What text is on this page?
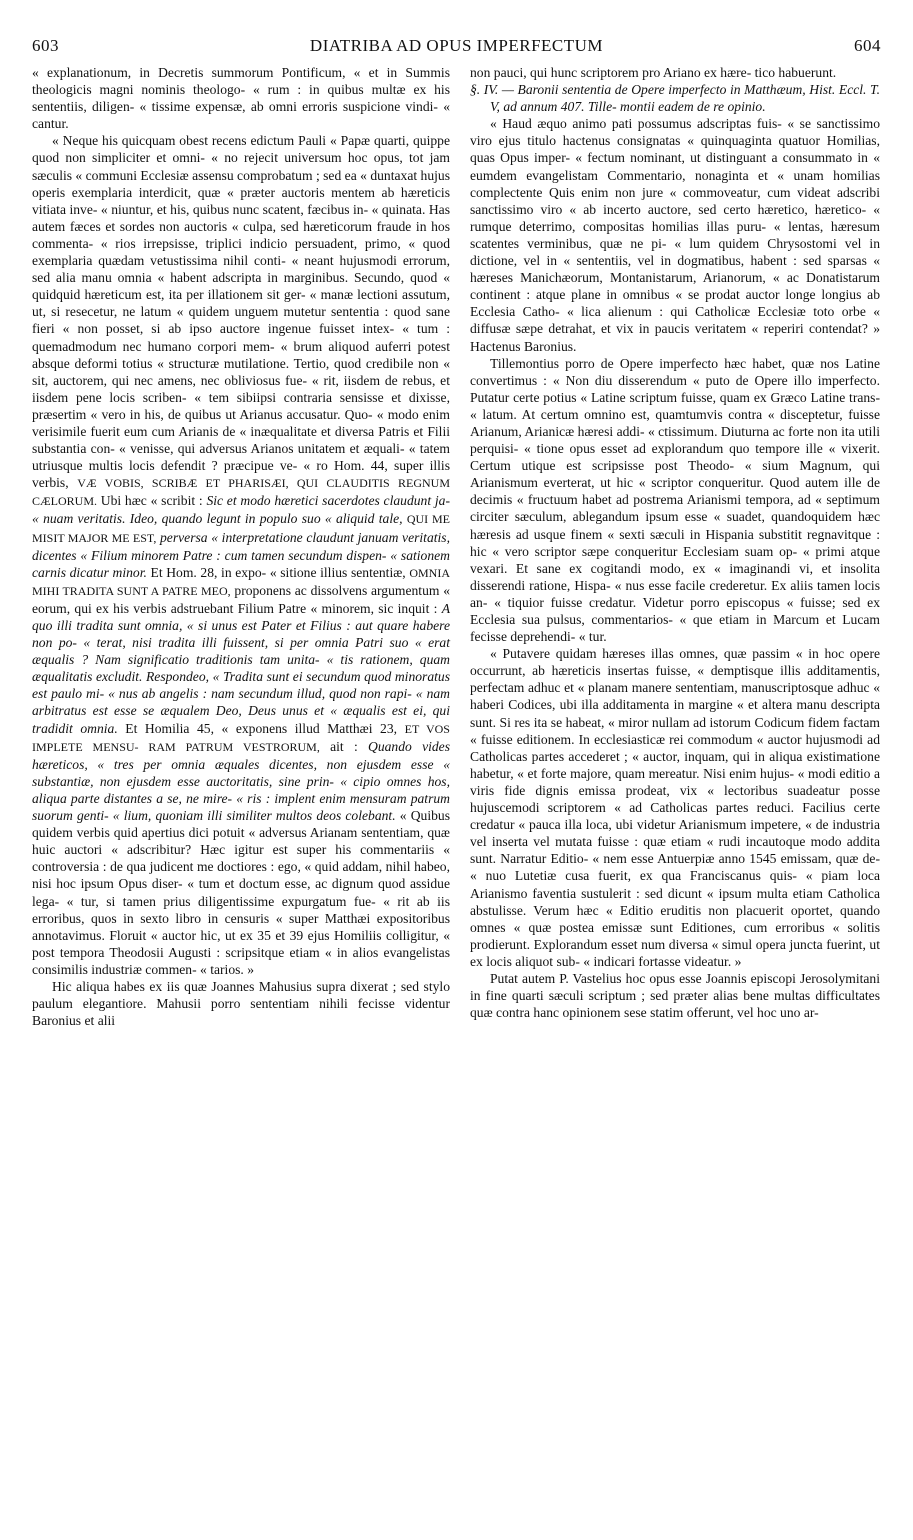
603	DIATRIBA AD OPUS IMPERFECTUM	604

« explanationum, in Decretis summorum Pontificum, « et in Summis theologicis magni nominis theologo- « rum : in quibus multæ ex his sententiis, diligen- « tissime expensæ, ab omni erroris suspicione vindi- « cantur.

« Neque his quicquam obest recens edictum Pauli « Papæ quarti, quippe quod non simpliciter et omni- « no rejecit universum hoc opus, tot jam sæculis « communi Ecclesiæ assensu comprobatum ; sed ea « duntaxat hujus operis exemplaria interdicit, quæ « præter auctoris mentem ab hæreticis vitiata inve- « niuntur, et his, quibus nunc scatent, fæcibus in- « quinata. Has autem fæces et sordes non auctoris « culpa, sed hæreticorum fraude in hos commenta- « rios irrepsisse, triplici indicio persuadent, primo, « quod exemplaria quædam vetustissima nihil conti- « neant hujusmodi errorum, sed alia manu omnia « habent adscripta in marginibus. Secundo, quod « quidquid hæreticum est, ita per illationem sit ger- « manæ lectioni assutum, ut, si resecetur, ne latum « quidem unguem mutetur sententia : quod sane fieri « non posset, si ab ipso auctore ingenue fuisset intex- « tum : quemadmodum nec humano corpori mem- « brum aliquod auferri potest absque deformi totius « structuræ mutilatione. Tertio, quod credibile non « sit, auctorem, qui nec amens, nec obliviosus fue- « rit, iisdem de rebus, et iisdem pene locis scriben- « tem sibiipsi contraria sensisse et dixisse, præsertim « vero in his, de quibus ut Arianus accusatur. Quo- « modo enim verisimile fuerit eum cum Arianis de « inæqualitate et diversa Patris et Filii substantia con- « venisse, qui adversus Arianos unitatem et æquali- « tatem utriusque multis locis defendit ? præcipue ve- « ro Hom. 44, super illis verbis, VÆ VOBIS, SCRIBÆ ET PHARISÆI, QUI CLAUDITIS REGNUM CÆLORUM. Ubi hæc « scribit : Sic et modo hæretici sacerdotes claudunt ja- « nuam veritatis. Ideo, quando legunt in populo suo « aliquid tale, QUI ME MISIT MAJOR ME EST, perversa « interpretatione claudunt januam veritatis, dicentes « Filium minorem Patre : cum tamen secundum dispen- « sationem carnis dicatur minor. Et Hom. 28, in expo- « sitione illius sententiæ, OMNIA MIHI TRADITA SUNT A PATRE MEO, proponens ac dissolvens argumentum « eorum, qui ex his verbis adstruebant Filium Patre « minorem, sic inquit : A quo illi tradita sunt omnia, « si unus est Pater et Filius : aut quare habere non po- « terat, nisi tradita illi fuissent, si per omnia Patri suo « erat æqualis ? Nam significatio traditionis tam unita- « tis rationem, quam æqualitatis excludit. Respondeo, « Tradita sunt ei secundum quod minoratus est paulo mi- « nus ab angelis : nam secundum illud, quod non rapi- « nam arbitratus est esse se æqualem Deo, Deus unus et « æqualis est ei, qui tradidit omnia. Et Homilia 45, « exponens illud Matthæi 23, ET VOS IMPLETE MENSU- RAM PATRUM VESTRORUM, ait : Quando vides hæreticos, « tres per omnia æquales dicentes, non ejusdem esse « substantiæ, non ejusdem esse auctoritatis, sine prin- « cipio omnes hos, aliqua parte distantes a se, ne mire- « ris : implent enim mensuram patrum suorum genti- « lium, quoniam illi similiter multos deos colebant. « Quibus quidem verbis quid apertius dici potuit « adversus Arianam sententiam, quæ huic auctori « adscribitur? Hæc igitur est super his commentariis « controversia : de qua judicent me doctiores : ego, « quid addam, nihil habeo, nisi hoc ipsum Opus diser- « tum et doctum esse, ac dignum quod assidue lega- « tur, si tamen prius diligentissime expurgatum fue- « rit ab iis erroribus, quos in sexto libro in censuris « super Matthæi expositoribus annotavimus. Floruit « auctor hic, ut ex 35 et 39 ejus Homiliis colligitur, « post tempora Theodosii Augusti : scripsitque etiam « in alios evangelistas consimilis industriæ commen- « tarios. »

Hic aliqua habes ex iis quæ Joannes Mahusius supra dixerat ; sed stylo paulum elegantiore. Mahusii porro sententiam nihili fecisse videntur Baronius et alii

non pauci, qui hunc scriptorem pro Ariano ex hære- tico habuerunt.

§. IV. — Baronii sententia de Opere imperfecto in Matthæum, Hist. Eccl. T. V, ad annum 407. Tille- montii eadem de re opinio.

« Haud æquo animo pati possumus adscriptas fuis- « se sanctissimo viro ejus titulo hactenus consignatas « quinquaginta quatuor Homilias, quas Opus imper- « fectum nominant, ut distinguant a consummato in « eumdem evangelistam Commentario, nonaginta et « unam homilias complectente Quis enim non jure « commoveatur, cum videat adscribi sanctissimo viro « ab incerto auctore, sed certo hæretico, hæretico- « rumque deterrimo, compositas homilias illas puru- « lentas, hæresum scatentes verminibus, quæ ne pi- « lum quidem Chrysostomi vel in dictione, vel in « sententiis, vel in dogmatibus, habent : sed sparsas « hæreses Manichæorum, Montanistarum, Arianorum, « ac Donatistarum continent : atque plane in omnibus « se prodat auctor longe longius ab Ecclesia Catho- « lica alienum : qui Catholicæ Ecclesiæ toto orbe « diffusæ sæpe detrahat, et vix in paucis veritatem « reperiri contendat? » Hactenus Baronius.

Tillemontius porro de Opere imperfecto hæc habet, quæ nos Latine convertimus : « Non diu disserendum « puto de Opere illo imperfecto. Putatur certe potius « Latine scriptum fuisse, quam ex Græco Latine trans- « latum. At certum omnino est, quamtumvis contra « disceptetur, fuisse Arianum, Arianicæ hæresi addi- « ctissimum. Diuturna ac forte non ita utili perquisi- « tione opus esset ad explorandum quo tempore ille « vixerit. Certum utique est scripsisse post Theodo- « sium Magnum, qui Arianismum everterat, ut hic « scriptor conqueritur. Quod autem ille de decimis « fructuum habet ad postrema Arianismi tempora, ad « septimum circiter sæculum, ablegandum ipsum esse « suadet, quandoquidem hæc hæresis ad usque finem « sexti sæculi in Hispania substitit regnavitque : hic « vero scriptor sæpe conqueritur Ecclesiam suam op- « primi atque vexari. Et sane ex cogitandi modo, ex « imaginandi vi, et insolita disserendi ratione, Hispa- « nus esse facile crederetur. Ex aliis tamen locis an- « tiquior fuisse credatur. Videtur porro episcopus « fuisse; sed ex Ecclesia sua pulsus, commentarios- « que etiam in Marcum et Lucam fecisse deprehendi- « tur.

« Putavere quidam hæreses illas omnes, quæ passim « in hoc opere occurrunt, ab hæreticis insertas fuisse, « demptisque illis additamentis, perfectam adhuc et « planam manere sententiam, manuscriptosque adhuc « haberi Codices, ubi illa additamenta in margine « et altera manu descripta sunt. Si res ita se habeat, « miror nullam ad istorum Codicum fidem factam « fuisse editionem. In ecclesiasticæ rei commodum « auctor hujusmodi ad Catholicas partes accederet ; « auctor, inquam, qui in aliqua existimatione habetur, « et forte majore, quam mereatur. Nisi enim hujus- « modi editio a viris fide dignis emissa prodeat, vix « lectoribus suadeatur posse hujuscemodi scriptorem « ad Catholicas partes reduci. Facilius certe credatur « pauca illa loca, ubi videtur Arianismum impetere, « de industria vel inserta vel mutata fuisse : quæ etiam « rudi incautoque modo addita sunt. Narratur Editio- « nem esse Antuerpiæ anno 1545 emissam, quæ de- « nuo Lutetiæ cusa fuerit, ex qua Franciscanus quis- « piam loca Arianismo faventia sustulerit : sed dicunt « ipsum multa etiam Catholica abstulisse. Verum hæc « Editio eruditis non placuerit oportet, quando omnes « quæ postea emissæ sunt Editiones, cum erroribus « solitis prodierunt. Explorandum esset num diversa « simul opera juncta fuerint, ut ex locis aliquot sub- « indicari fortasse videatur. »

Putat autem P. Vastelius hoc opus esse Joannis episcopi Jerosolymitani in fine quarti sæculi scriptum ; sed præter alias bene multas difficultates quæ contra hanc opinionem sese statim offerunt, vel hoc uno ar-
